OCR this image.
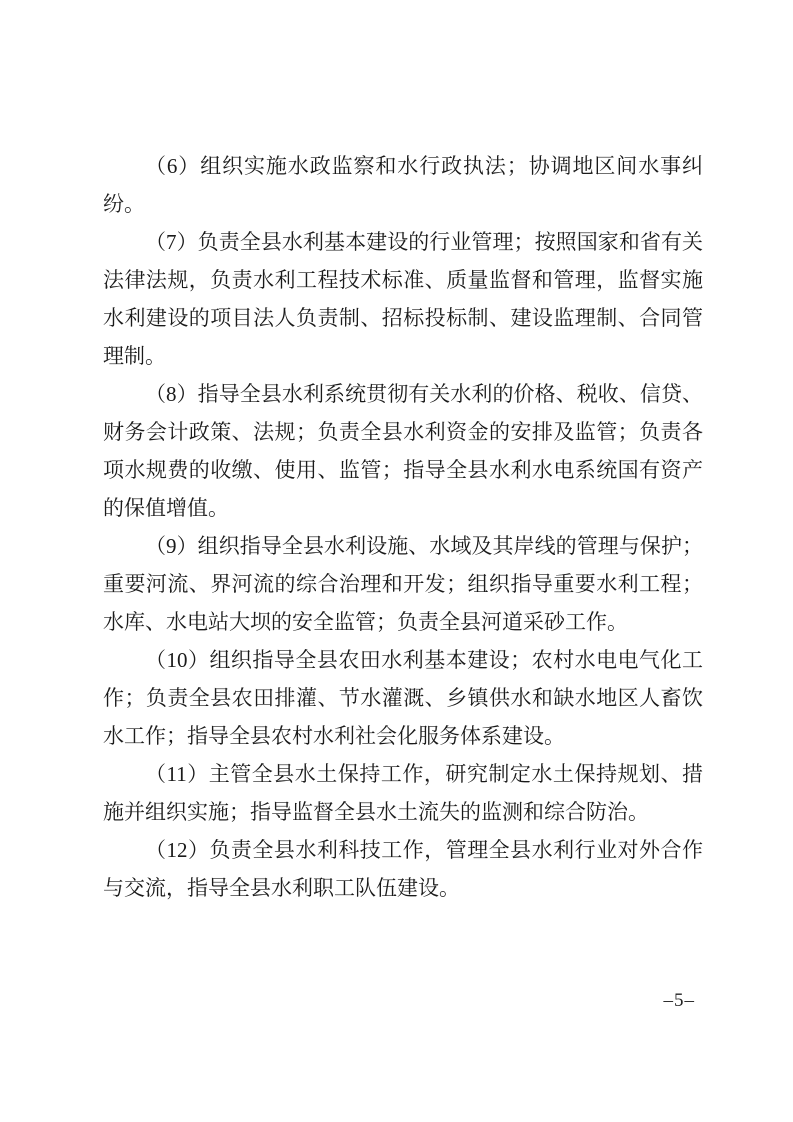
（6）组织实施水政监察和水行政执法；协调地区间水事纠
纷。
（7）负责全县水利基本建设的行业管理；按照国家和省有关
法律法规，负责水利工程技术标准、质量监督和管理，监督实施
水利建设的项目法人负责制、招标投标制、建设监理制、合同管
理制。
（8）指导全县水利系统贯彻有关水利的价格、税收、信贷、
财务会计政策、法规；负责全县水利资金的安排及监管；负责各
项水规费的收缴、使用、监管；指导全县水利水电系统国有资产
的保值增值。
（9）组织指导全县水利设施、水域及其岸线的管理与保护；
重要河流、界河流的综合治理和开发；组织指导重要水利工程；
水库、水电站大坝的安全监管；负责全县河道采砂工作。
（10）组织指导全县农田水利基本建设；农村水电电气化工
作；负责全县农田排灌、节水灌溉、乡镇供水和缺水地区人畜饮
水工作；指导全县农村水利社会化服务体系建设。
（11）主管全县水土保持工作，研究制定水土保持规划、措
施并组织实施；指导监督全县水土流失的监测和综合防治。
（12）负责全县水利科技工作，管理全县水利行业对外合作
与交流，指导全县水利职工队伍建设。
–5–
